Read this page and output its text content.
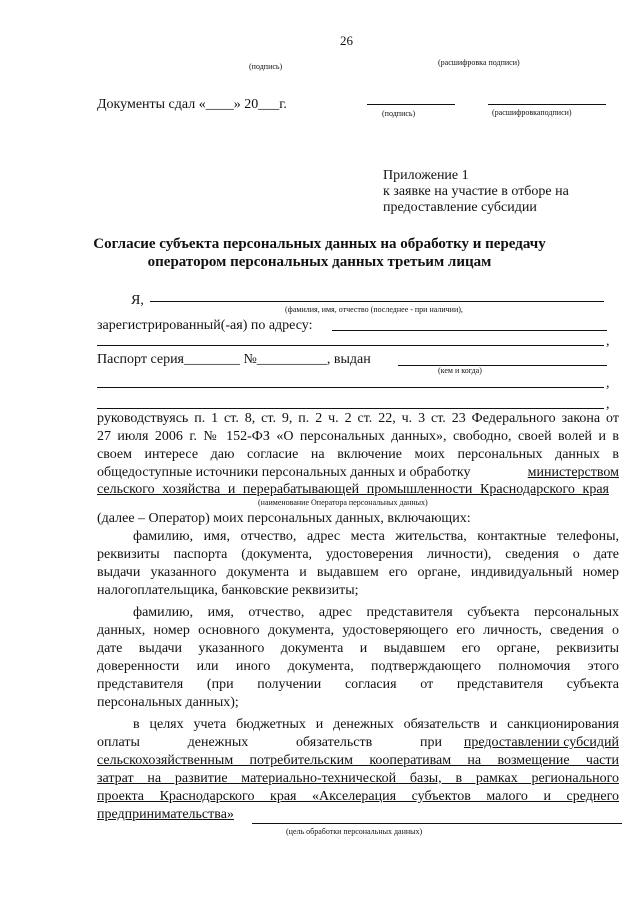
26
(подпись)	(расшифровка подписи)
Документы сдал «____» 20___г.
(подпись)	(расшифровкаподписи)
Приложение 1
к заявке на участие в отборе на
предоставление субсидии
Согласие субъекта персональных данных на обработку и передачу
оператором персональных данных третьим лицам
Я,
(фамилия, имя, отчество (последнее - при наличии),
зарегистрированный(-ая) по адресу:
,
Паспорт серия________ №__________, выдан
(кем и когда)
,
,
руководствуясь п. 1 ст. 8, ст. 9, п. 2 ч. 2 ст. 22, ч. 3 ст. 23 Федерального закона от
27 июля 2006 г. № 152-ФЗ «О персональных данных», свободно, своей волей и в
своем интересе даю согласие на включение моих персональных данных в
общедоступные источники персональных данных и обработку	министерством
сельского хозяйства и перерабатывающей промышленности Краснодарского края
(наименование Оператора персональных данных)
(далее – Оператор) моих персональных данных, включающих:
фамилию, имя, отчество, адрес места жительства, контактные телефоны,
реквизиты паспорта (документа, удостоверения личности), сведения о дате
выдачи указанного документа и выдавшем его органе, индивидуальный номер
налогоплательщика, банковские реквизиты;
фамилию, имя, отчество, адрес представителя субъекта персональных
данных, номер основного документа, удостоверяющего его личность, сведения о
дате выдачи указанного документа и выдавшем его органе, реквизиты
доверенности или иного документа, подтверждающего полномочия этого
представителя (при получении согласия от представителя субъекта
персональных данных);
в целях учета бюджетных и денежных обязательств и санкционирования
оплаты денежных обязательств при предоставлении субсидий
сельскохозяйственным потребительским кооперативам на возмещение части
затрат на развитие материально-технической базы, в рамках регионального
проекта Краснодарского края «Акселерация субъектов малого и среднего
предпринимательства»
(цель обработки персональных данных)
